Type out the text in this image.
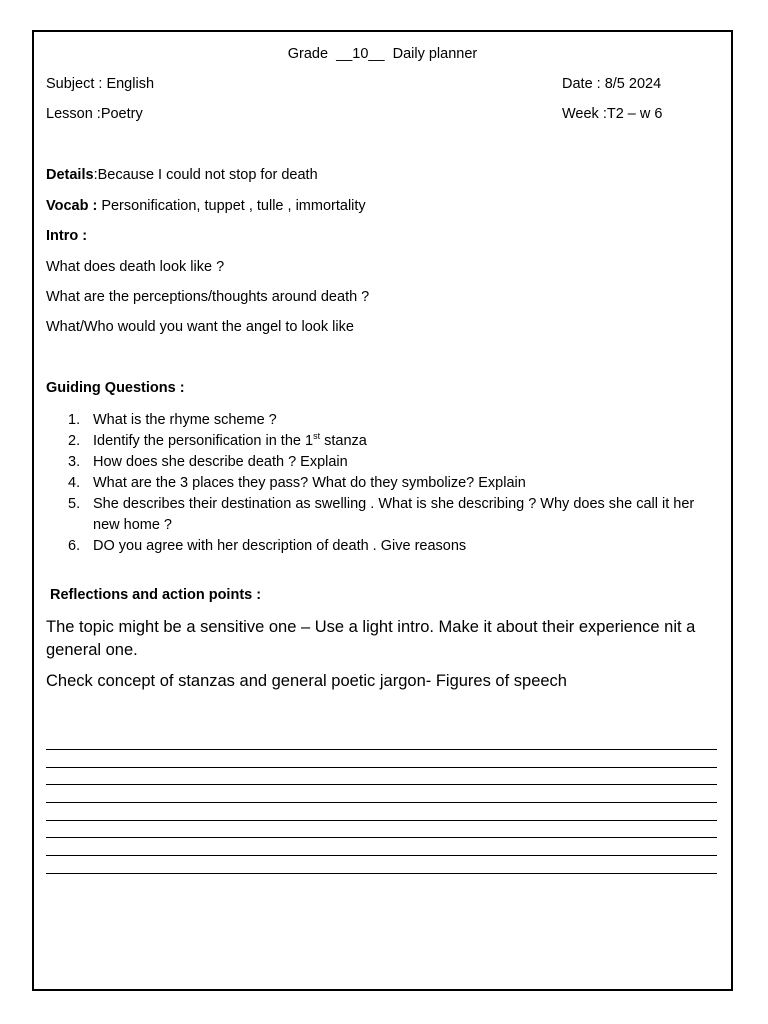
Grade __10__ Daily planner
Subject : English	Date : 8/5 2024
Lesson :Poetry	Week :T2 – w 6
Details:Because I could not stop for death
Vocab : Personification, tuppet , tulle , immortality
Intro :
What does death look like ?
What are the perceptions/thoughts around death ?
What/Who would you want the angel to look like
Guiding Questions :
1. What is the rhyme scheme ?
2. Identify the personification in the 1st stanza
3. How does she describe death ? Explain
4. What are the 3 places they pass? What do they symbolize? Explain
5. She describes their destination as swelling . What is she describing ? Why does she call it her new home ?
6. DO you agree with her description of death . Give reasons
Reflections and action points :
The topic might be a sensitive one – Use a light intro. Make it about their experience nit a general one.
Check concept of stanzas and general poetic jargon- Figures of speech
